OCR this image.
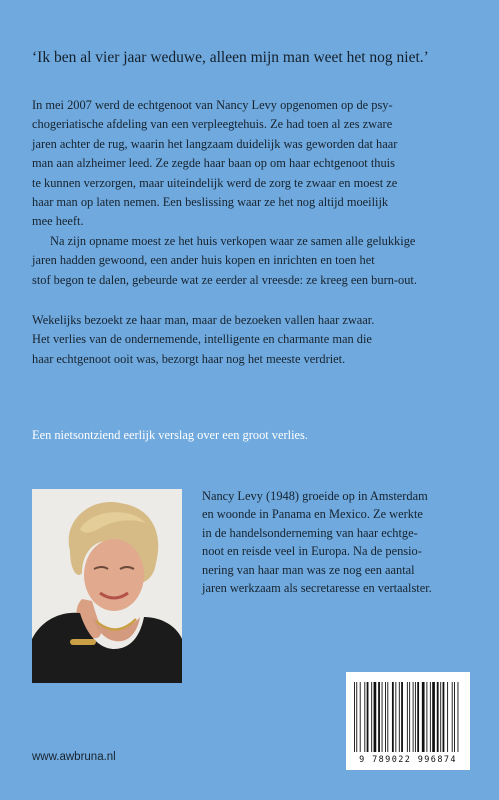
‘Ik ben al vier jaar weduwe, alleen mijn man weet het nog niet.’

In mei 2007 werd de echtgenoot van Nancy Levy opgenomen op de psy-
chogeriatische afdeling van een verpleegtehuis. Ze had toen al zes zware
jaren achter de rug, waarin het langzaam duidelijk was geworden dat haar
man aan alzheimer leed. Ze zegde haar baan op om haar echtgenoot thuis
te kunnen verzorgen, maar uiteindelijk werd de zorg te zwaar en moest ze
haar man op laten nemen. Een beslissing waar ze het nog altijd moeilijk
mee heeft.

Na zijn opname moest ze het huis verkopen waar ze samen alle gelukkige
jaren hadden gewoond, een ander huis kopen en inrichten en toen het
stof begon te dalen, gebeurde wat ze eerder al vreesde: ze kreeg een burn-out.

Wekelijks bezoekt ze haar man, maar de bezoeken vallen haar zwaar.
Het verlies van de ondernemende, intelligente en charmante man die
haar echtgenoot ooit was, bezorgt haar nog het meeste verdriet.

Een nietsontziend eerlijk verslag over een groot verlies.
Nancy Levy (1948) groeide op in Amsterdam
en woonde in Panama en Mexico. Ze werkte
in de handelsonderneming van haar echtge-
noot en reisde veel in Europa. Na de pensio-
nering van haar man was ze nog een aantal
jaren werkzaam als secretaresse en vertaalster.
9 789022 996874
www.awbruna.nl
